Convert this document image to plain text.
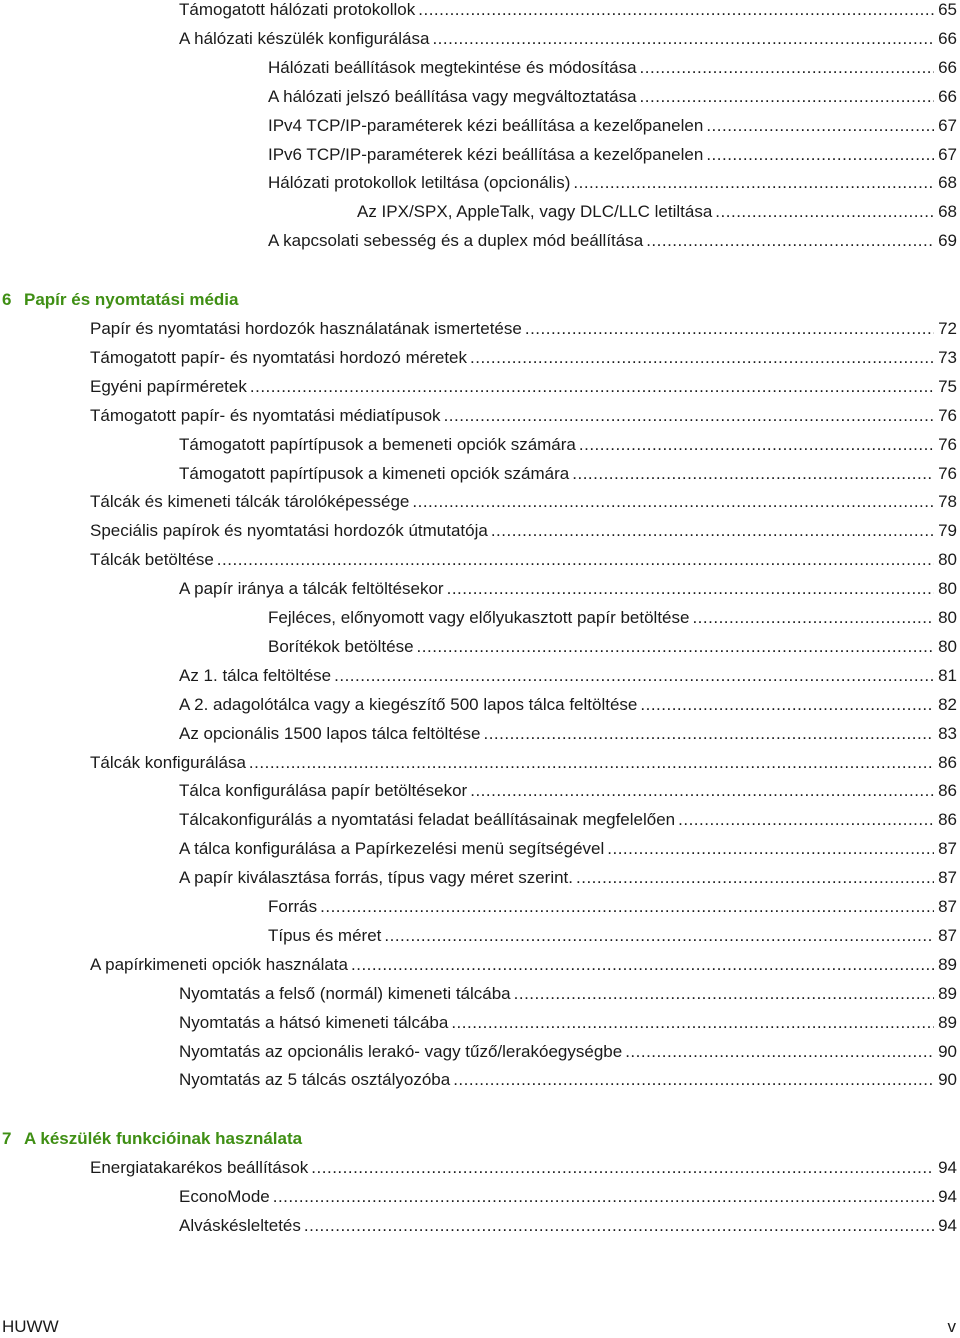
Támogatott hálózati protokollok .....	65
A hálózati készülék konfigurálása .....	66
Hálózati beállítások megtekintése és módosítása .....	66
A hálózati jelszó beállítása vagy megváltoztatása .....	66
IPv4 TCP/IP-paraméterek kézi beállítása a kezelőpanelen .....	67
IPv6 TCP/IP-paraméterek kézi beállítása a kezelőpanelen .....	67
Hálózati protokollok letiltása (opcionális) .....	68
Az IPX/SPX, AppleTalk, vagy DLC/LLC letiltása .....	68
A kapcsolati sebesség és a duplex mód beállítása .....	69
6 Papír és nyomtatási média
Papír és nyomtatási hordozók használatának ismertetése .....	72
Támogatott papír- és nyomtatási hordozó méretek .....	73
Egyéni papírméretek .....	75
Támogatott papír- és nyomtatási médiatípusok .....	76
Támogatott papírtípusok a bemeneti opciók számára .....	76
Támogatott papírtípusok a kimeneti opciók számára .....	76
Tálcák és kimeneti tálcák tárolóképessége .....	78
Speciális papírok és nyomtatási hordozók útmutatója .....	79
Tálcák betöltése .....	80
A papír iránya a tálcák feltöltésekor .....	80
Fejléces, előnyomott vagy előlyukasztott papír betöltése .....	80
Borítékok betöltése .....	80
Az 1. tálca feltöltése .....	81
A 2. adagolótálca vagy a kiegészítő 500 lapos tálca feltöltése .....	82
Az opcionális 1500 lapos tálca feltöltése .....	83
Tálcák konfigurálása .....	86
Tálca konfigurálása papír betöltésekor .....	86
Tálcakonfigurálás a nyomtatási feladat beállításainak megfelelően .....	86
A tálca konfigurálása a Papírkezelési menü segítségével .....	87
A papír kiválasztása forrás, típus vagy méret szerint. .....	87
Forrás .....	87
Típus és méret .....	87
A papírkimeneti opciók használata .....	89
Nyomtatás a felső (normál) kimeneti tálcába .....	89
Nyomtatás a hátsó kimeneti tálcába .....	89
Nyomtatás az opcionális lerakó- vagy tűző/lerakóegységbe .....	90
Nyomtatás az 5 tálcás osztályozóba .....	90
7 A készülék funkcióinak használata
Energiatakarékos beállítások .....	94
EconoMode .....	94
Alváskésleltetés .....	94
HUWW	v
